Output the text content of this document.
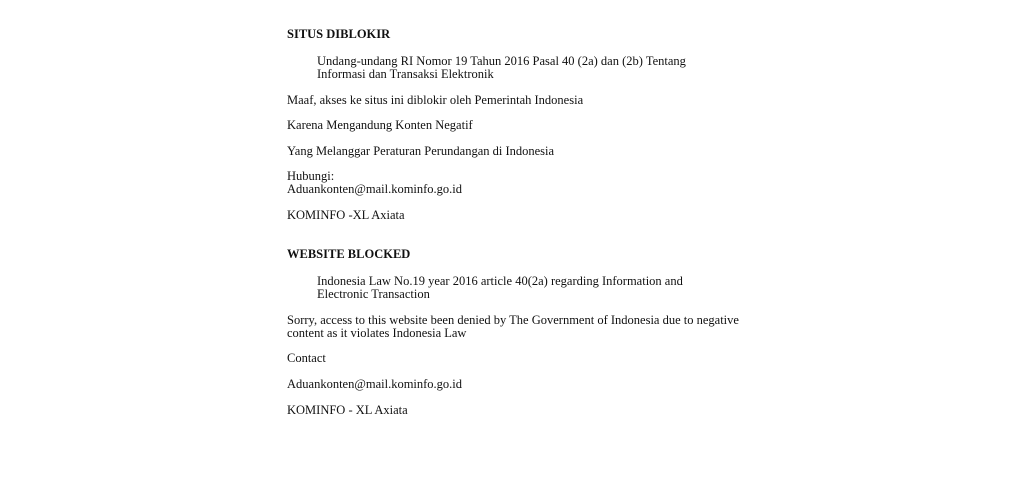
SITUS DIBLOKIR
Undang-undang RI Nomor 19 Tahun 2016 Pasal 40 (2a) dan (2b) Tentang
Informasi dan Transaksi Elektronik
Maaf, akses ke situs ini diblokir oleh Pemerintah Indonesia
Karena Mengandung Konten Negatif
Yang Melanggar Peraturan Perundangan di Indonesia
Hubungi:
Aduankonten@mail.kominfo.go.id
KOMINFO -XL Axiata
WEBSITE BLOCKED
Indonesia Law No.19 year 2016 article 40(2a) regarding Information and
Electronic Transaction
Sorry, access to this website been denied by The Government of Indonesia due to negative
content as it violates Indonesia Law
Contact
Aduankonten@mail.kominfo.go.id
KOMINFO - XL Axiata
